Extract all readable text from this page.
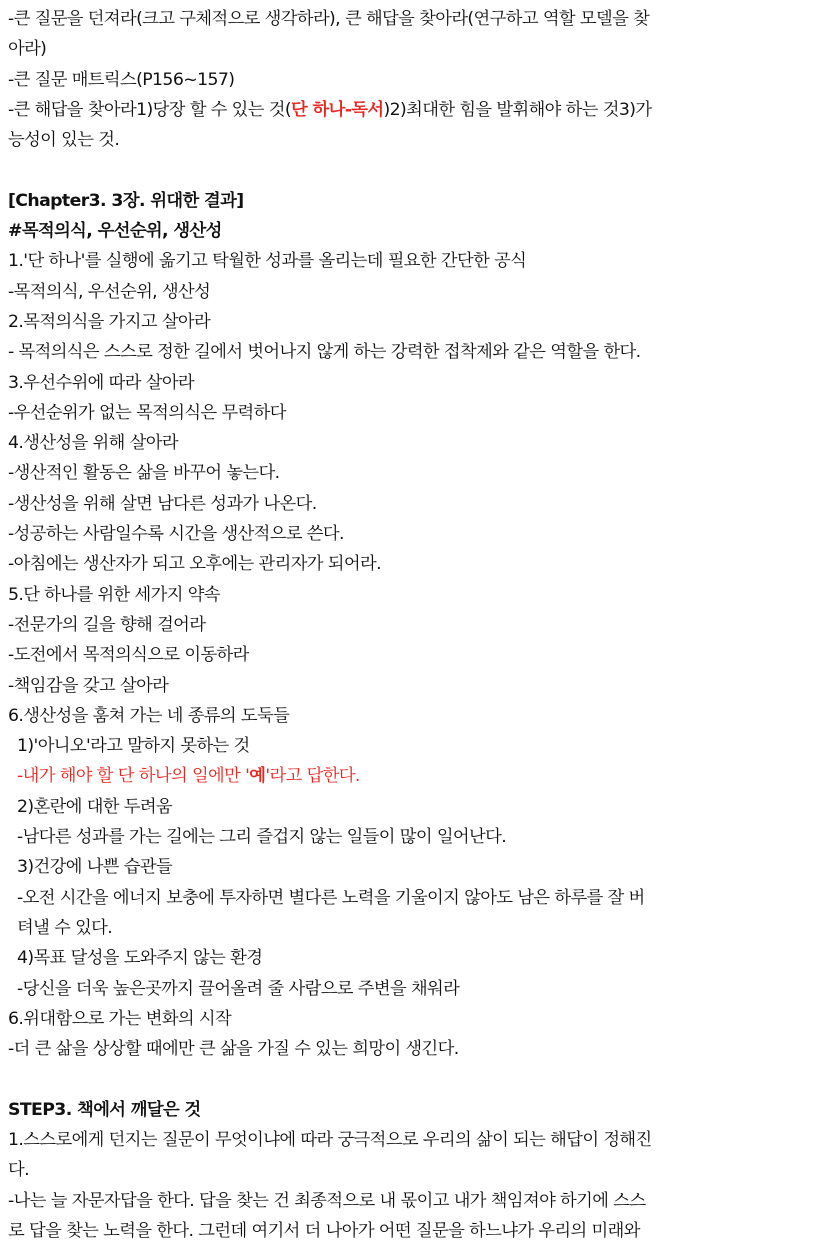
-큰 질문을 던져라(크고 구체적으로 생각하라), 큰 해답을 찾아라(연구하고 역할 모델을 찾
아라)
-큰 질문 매트릭스(P156~157)
-큰 해답을 찾아라1)당장 할 수 있는 것(단 하나-독서)2)최대한 힘을 발휘해야 하는 것3)가
능성이 있는 것.
[Chapter3. 3장. 위대한 결과]
#목적의식, 우선순위, 생산성
1.'단 하나'를 실행에 옮기고 탁월한 성과를 올리는데 필요한 간단한 공식
-목적의식, 우선순위, 생산성
2.목적의식을 가지고 살아라
- 목적의식은 스스로 정한 길에서 벗어나지 않게 하는 강력한 접착제와 같은 역할을 한다.
3.우선수위에 따라 살아라
-우선순위가 없는 목적의식은 무력하다
4.생산성을 위해 살아라
-생산적인 활동은 삶을 바꾸어 놓는다.
-생산성을 위해 살면 남다른 성과가 나온다.
-성공하는 사람일수록 시간을 생산적으로 쓴다.
-아침에는 생산자가 되고 오후에는 관리자가 되어라.
5.단 하나를 위한 세가지 약속
-전문가의 길을 향해 걸어라
-도전에서 목적의식으로 이동하라
-책임감을 갖고 살아라
6.생산성을 훔쳐 가는 네 종류의 도둑들
1)'아니오'라고 말하지 못하는 것
-내가 해야 할 단 하나의 일에만 '예'라고 답한다.
2)혼란에 대한 두려움
-남다른 성과를 가는 길에는 그리 즐겁지 않는 일들이 많이 일어난다.
3)건강에 나쁜 습관들
-오전 시간을 에너지 보충에 투자하면 별다른 노력을 기울이지 않아도 남은 하루를 잘 버
텨낼 수 있다.
4)목표 달성을 도와주지 않는 환경
-당신을 더욱 높은곳까지 끌어올려 줄 사람으로 주변을 채워라
6.위대함으로 가는 변화의 시작
-더 큰 삶을 상상할 때에만 큰 삶을 가질 수 있는 희망이 생긴다.
STEP3. 책에서 깨달은 것
1.스스로에게 던지는 질문이 무엇이냐에 따라 궁극적으로 우리의 삶이 되는 해답이 정해진
다.
-나는 늘 자문자답을 한다. 답을 찾는 건 최종적으로 내 몫이고 내가 책임져야 하기에 스스
로 답을 찾는 노력을 한다. 그런데 여기서 더 나아가 어떤 질문을 하느냐가 우리의 미래와
